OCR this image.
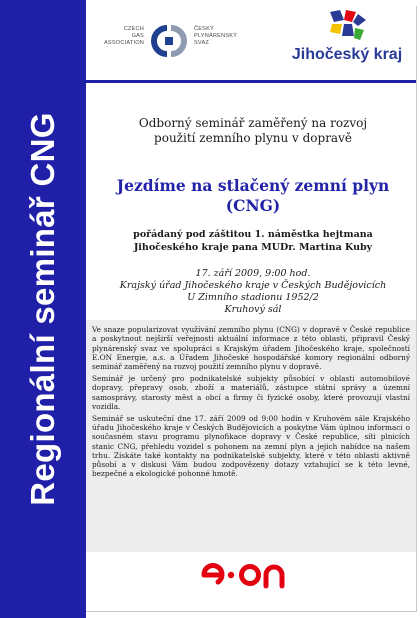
Regionální seminář CNG
CZECH
GAS
ASSOCIATION
ČESKÝ
PLYNÁRENSKÝ
SVAZ
Jihočeský kraj
Odborný seminář zaměřený na rozvoj
použití zemního plynu v dopravě
Jezdíme na stlačený zemní plyn
(CNG)
pořádaný pod záštitou 1. náměstka hejtmana
Jihočeského kraje pana MUDr. Martina Kuby
17. září 2009, 9:00 hod.
Krajský úřad Jihočeského kraje v Českých Budějovicích
U Zimního stadionu 1952/2
Kruhový sál

Ve snaze popularizovat využívání zemního plynu (CNG) v dopravě v České republice a poskytnout nejširší veřejnosti aktuální informace z této oblasti, připravil Český plynárenský svaz ve spolupráci s Krajským úřadem Jihočeského kraje, společností E.ON Energie, a.s. a Úřadem Jihočeské hospodářské komory regionální odborný seminář zaměřený na rozvoj použití zemního plynu v dopravě.

Seminář je určený pro podnikatelské subjekty působící v oblasti automobilové dopravy, přepravy osob, zboží a materiálů, zástupce státní správy a územní samosprávy, starosty měst a obcí a firmy či fyzické osoby, které provozují vlastní vozidla.

Seminář se uskuteční dne 17. září 2009 od 9:00 hodin v Kruhovém sále Krajského úřadu Jihočeského kraje v Českých Budějovicích a poskytne Vám úplnou informaci o současném stavu programu plynofikace dopravy v České republice, síti plnicích stanic CNG, přehledu vozidel s pohonem na zemní plyn a jejich nabídce na našem trhu. Získáte také kontakty na podnikatelské subjekty, které v této oblasti aktivně působí a v diskusi Vám budou zodpovězeny dotazy vztahující se k této levné, bezpečné a ekologické pohonné hmotě.
